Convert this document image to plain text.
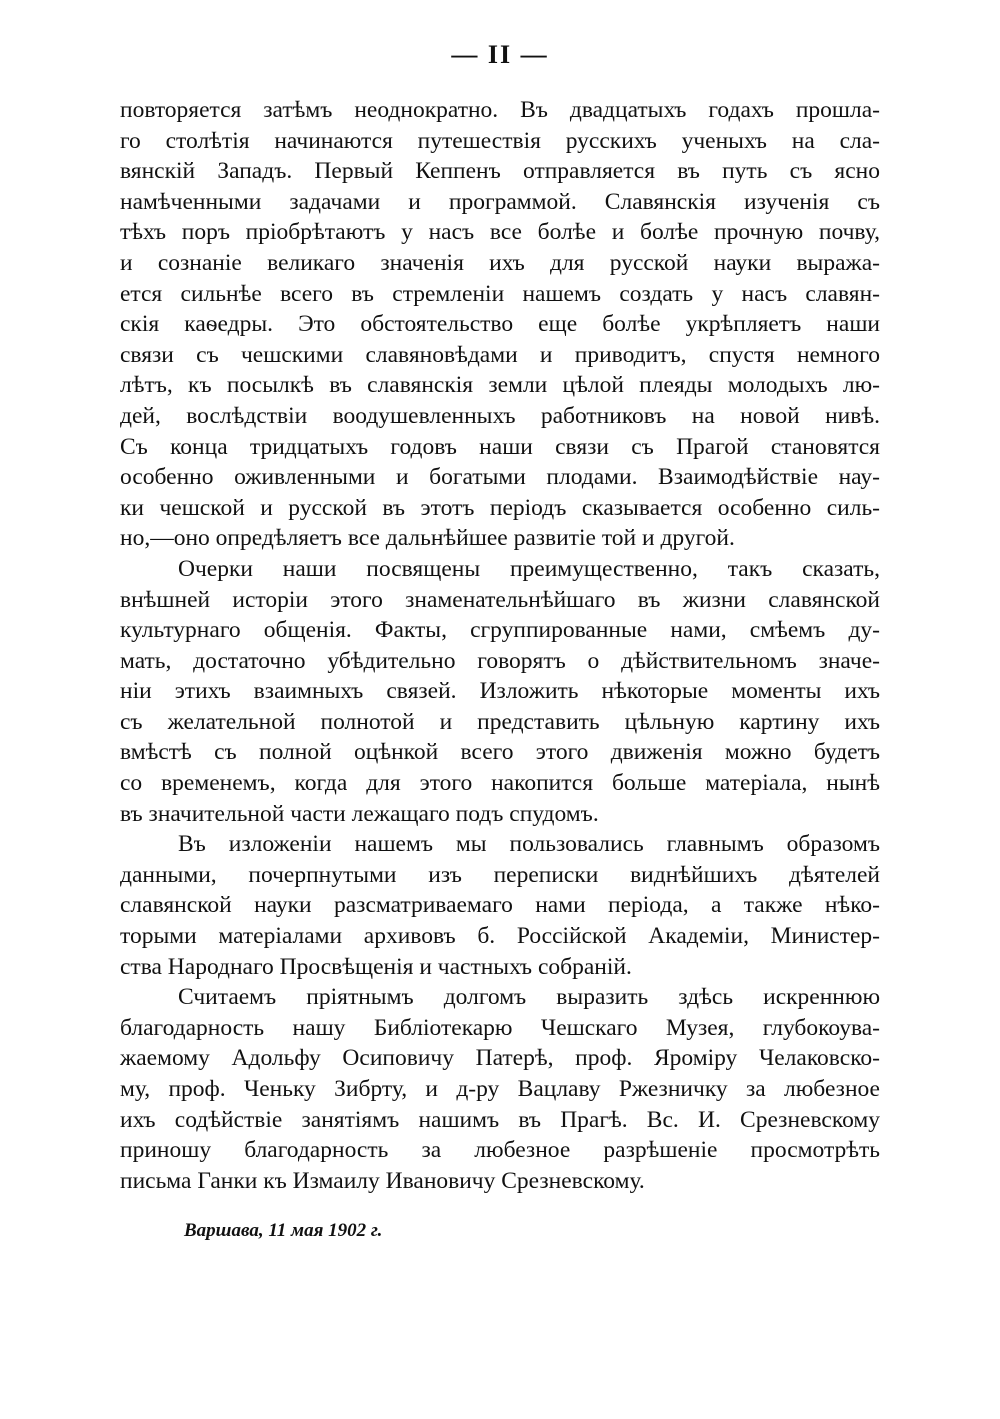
— II —
повторяется затѣмъ неоднократно. Въ двадцатыхъ годахъ прошла-
го столѣтія начинаются путешествія русскихъ ученыхъ на сла-
вянскій Западъ. Первый Кеппенъ отправляется въ путь съ ясно
намѣченными задачами и программой. Славянскія изученія съ
тѣхъ поръ пріобрѣтаютъ у насъ все болѣе и болѣе прочную почву,
и сознаніе великаго значенія ихъ для русской науки выража-
ется сильнѣе всего въ стремленіи нашемъ создать у насъ славян-
скія каѳедры. Это обстоятельство еще болѣе укрѣпляетъ наши
связи съ чешскими славяновѣдами и приводитъ, спустя немного
лѣтъ, къ посылкѣ въ славянскія земли цѣлой плеяды молодыхъ лю-
дей, вослѣдствіи воодушевленныхъ работниковъ на новой нивѣ.
Съ конца тридцатыхъ годовъ наши связи съ Прагой становятся
особенно оживленными и богатыми плодами. Взаимодѣйствіе нау-
ки чешской и русской въ этотъ періодъ сказывается особенно силь-
но,—оно опредѣляетъ все дальнѣйшее развитіе той и другой.
Очерки наши посвящены преимущественно, такъ сказать,
внѣшней исторіи этого знаменательнѣйшаго въ жизни славянской
культурнаго общенія. Факты, сгруппированные нами, смѣемъ ду-
мать, достаточно убѣдительно говорятъ о дѣйствительномъ значе-
ніи этихъ взаимныхъ связей. Изложить нѣкоторые моменты ихъ
съ желательной полнотой и представить цѣльную картину ихъ
вмѣстѣ съ полной оцѣнкой всего этого движенія можно будетъ
со временемъ, когда для этого накопится больше матеріала, нынѣ
въ значительной части лежащаго подъ спудомъ.
Въ изложеніи нашемъ мы пользовались главнымъ образомъ
данными, почерпнутыми изъ переписки виднѣйшихъ дѣятелей
славянской науки разсматриваемаго нами періода, а также нѣко-
торыми матеріалами архивовъ б. Россійской Академіи, Министер-
ства Народнаго Просвѣщенія и частныхъ собраній.
Считаемъ пріятнымъ долгомъ выразить здѣсь искреннюю
благодарность нашу Библіотекарю Чешскаго Музея, глубокоува-
жаемому Адольфу Осиповичу Патерѣ, проф. Яроміру Челаковско-
му, проф. Ченьку Зибрту, и д-ру Вацлаву Ржезничку за любезное
ихъ содѣйствіе занятіямъ нашимъ въ Прагѣ. Вс. И. Срезневскому
приношу благодарность за любезное разрѣшеніе просмотрѣть
письма Ганки къ Измаилу Ивановичу Срезневскому.
Варшава, 11 мая 1902 г.
